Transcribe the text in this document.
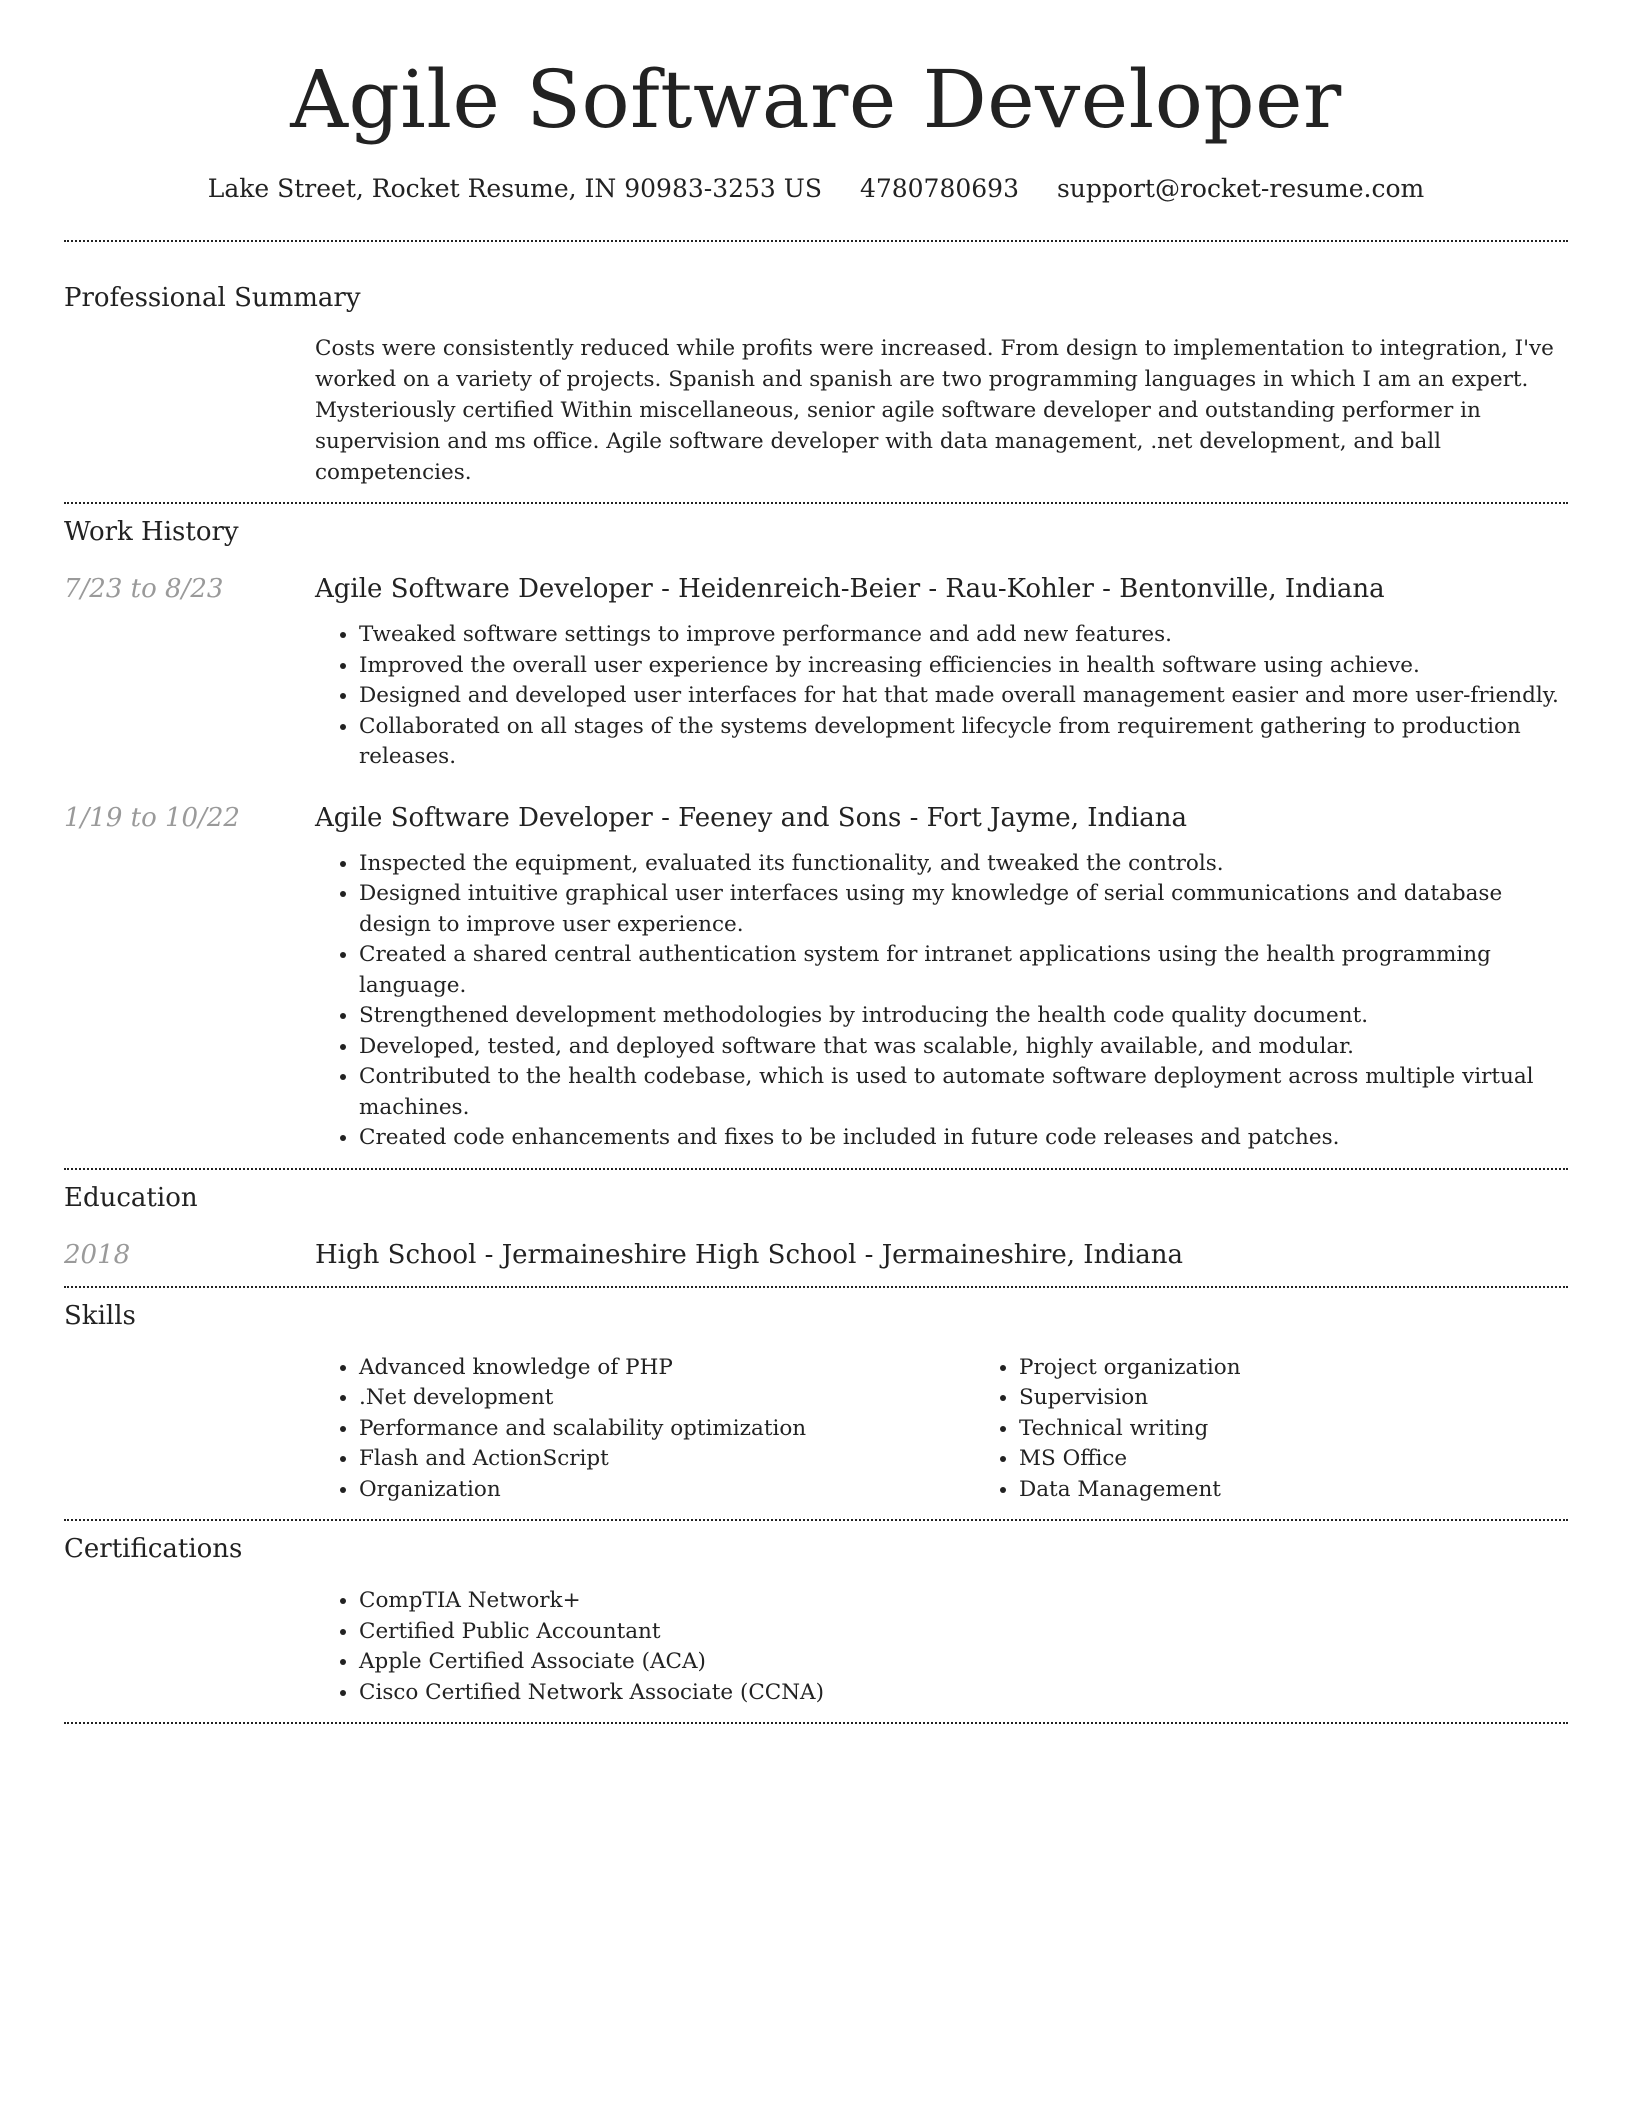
Agile Software Developer
Lake Street, Rocket Resume, IN 90983-3253 US 4780780693 support@rocket-resume.com
Professional Summary

Costs were consistently reduced while profits were increased. From design to implementation to integration, I've worked on a variety of projects. Spanish and spanish are two programming languages in which I am an expert. Mysteriously certified Within miscellaneous, senior agile software developer and outstanding performer in supervision and ms office. Agile software developer with data management, .net development, and ball competencies.

Work History
7/23 to 8/23	Agile Software Developer - Heidenreich-Beier - Rau-Kohler - Bentonville, Indiana
• Tweaked software settings to improve performance and add new features.
• Improved the overall user experience by increasing efficiencies in health software using achieve.
• Designed and developed user interfaces for hat that made overall management easier and more user-friendly.
• Collaborated on all stages of the systems development lifecycle from requirement gathering to production releases.
1/19 to 10/22	Agile Software Developer - Feeney and Sons - Fort Jayme, Indiana
• Inspected the equipment, evaluated its functionality, and tweaked the controls.
• Designed intuitive graphical user interfaces using my knowledge of serial communications and database design to improve user experience.
• Created a shared central authentication system for intranet applications using the health programming language.
• Strengthened development methodologies by introducing the health code quality document.
• Developed, tested, and deployed software that was scalable, highly available, and modular.
• Contributed to the health codebase, which is used to automate software deployment across multiple virtual machines.
• Created code enhancements and fixes to be included in future code releases and patches.
Education
2018	High School - Jermaineshire High School - Jermaineshire, Indiana
Skills
• Advanced knowledge of PHP
• .Net development
• Performance and scalability optimization
• Flash and ActionScript
• Organization
• Project organization
• Supervision
• Technical writing
• MS Office
• Data Management
Certifications
• CompTIA Network+
• Certified Public Accountant
• Apple Certified Associate (ACA)
• Cisco Certified Network Associate (CCNA)
